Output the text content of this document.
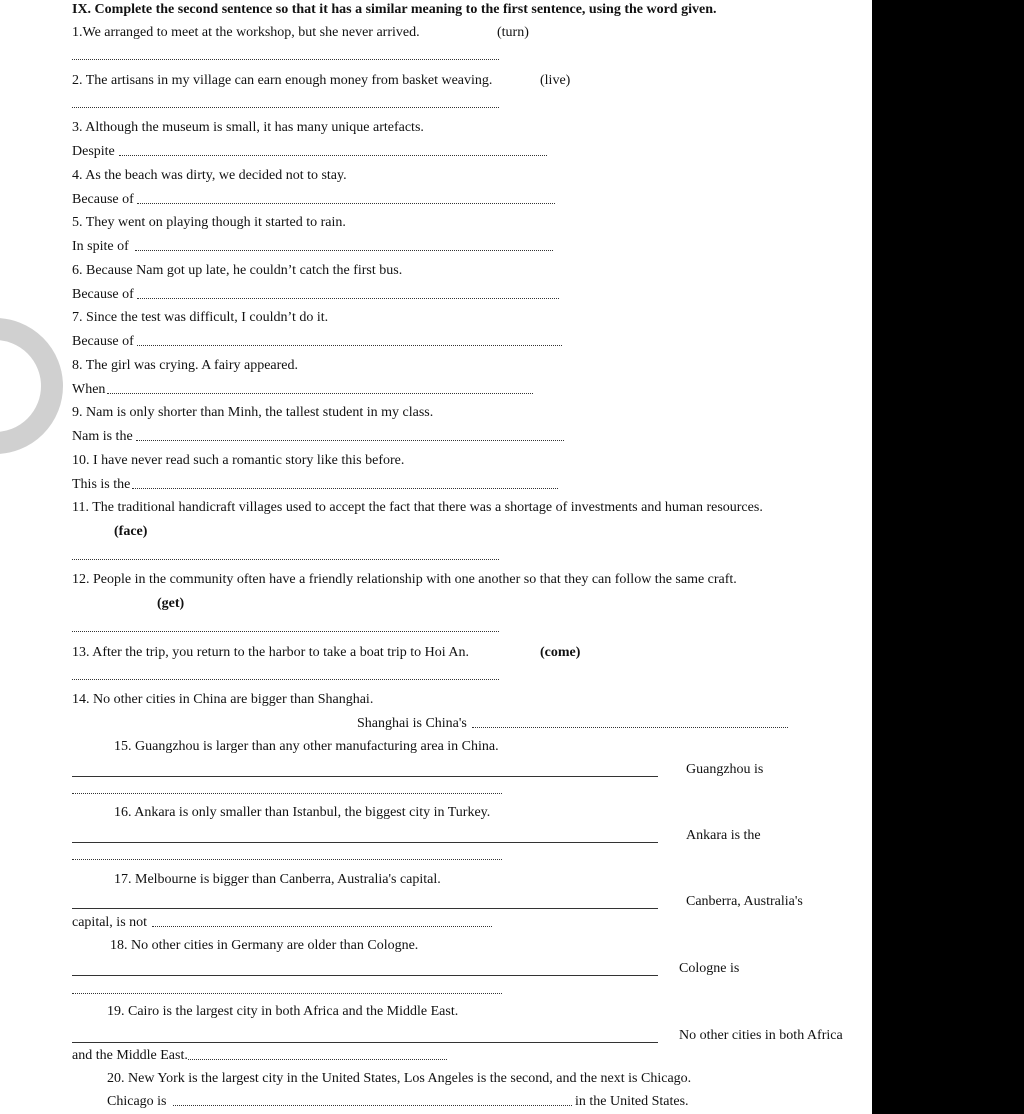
IX. Complete the second sentence so that it has a similar meaning to the first sentence, using the word given.
1.We arranged to meet at the workshop, but she never arrived.	(turn)
2. The artisans in my village can earn enough money from basket weaving.	(live)
3. Although the museum is small, it has many unique artefacts.
Despite
4. As the beach was dirty, we decided not to stay.
Because of
5. They went on playing though it started to rain.
In spite of
6. Because Nam got up late, he couldn’t catch the first bus.
Because of
7. Since the test was difficult, I couldn’t do it.
Because of
8. The girl was crying. A fairy appeared.
When
9. Nam is only shorter than Minh, the tallest student in my class.
Nam is the
10. I have never read such a romantic story like this before.
This is the
11. The traditional handicraft villages used to accept the fact that there was a shortage of investments and human resources.
(face)
12. People in the community often have a friendly relationship with one another so that they can follow the same craft.
(get)
13. After the trip, you return to the harbor to take a boat trip to Hoi An.	(come)
14. No other cities in China are bigger than Shanghai.
Shanghai is China's
15. Guangzhou is larger than any other manufacturing area in China.
Guangzhou is
16. Ankara is only smaller than Istanbul, the biggest city in Turkey.
Ankara is the
17. Melbourne is bigger than Canberra, Australia's capital.
Canberra, Australia's
capital, is not
18. No other cities in Germany are older than Cologne.
Cologne is
19. Cairo is the largest city in both Africa and the Middle East.
No other cities in both Africa
and the Middle East.
20. New York is the largest city in the United States, Los Angeles is the second, and the next is Chicago.
Chicago is	in the United States.
